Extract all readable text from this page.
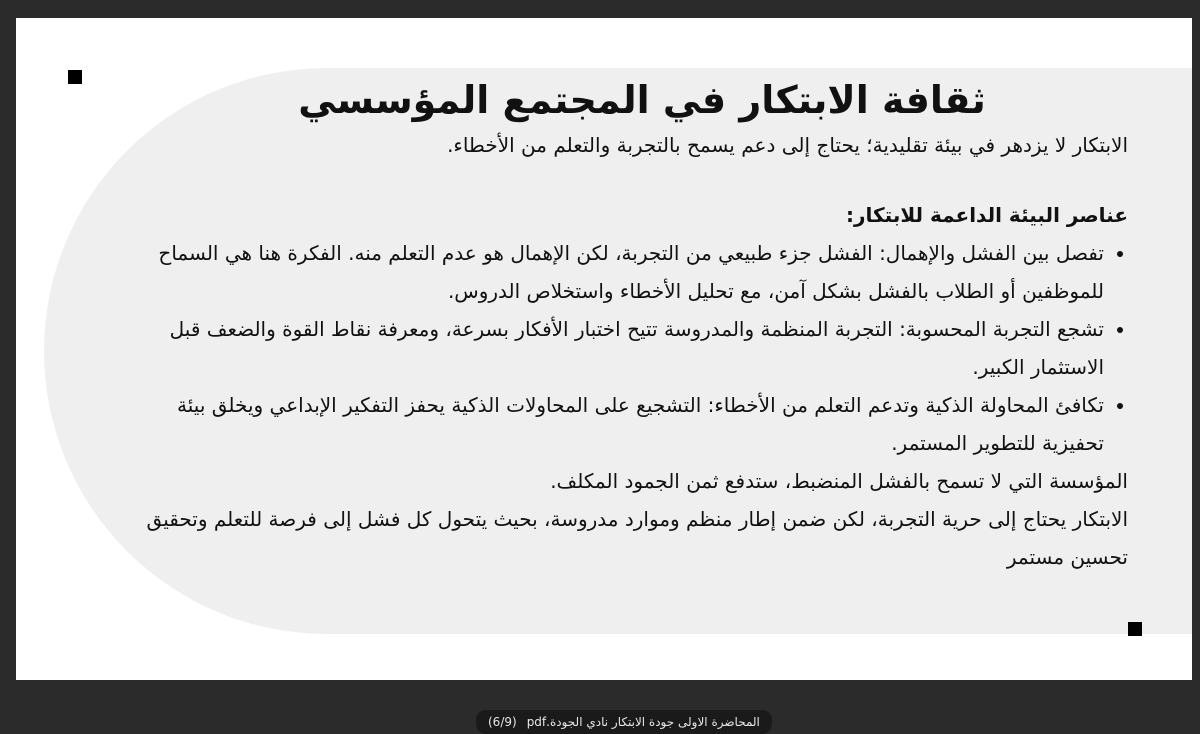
ثقافة الابتكار في المجتمع المؤسسي

الابتكار لا يزدهر في بيئة تقليدية؛ يحتاج إلى دعم يسمح بالتجربة والتعلم من الأخطاء.

عناصر البيئة الداعمة للابتكار:

• تفصل بين الفشل والإهمال: الفشل جزء طبيعي من التجربة، لكن الإهمال هو عدم التعلم منه. الفكرة هنا هي السماح للموظفين أو الطلاب بالفشل بشكل آمن، مع تحليل الأخطاء واستخلاص الدروس.
• تشجع التجربة المحسوبة: التجربة المنظمة والمدروسة تتيح اختبار الأفكار بسرعة، ومعرفة نقاط القوة والضعف قبل الاستثمار الكبير.
• تكافئ المحاولة الذكية وتدعم التعلم من الأخطاء: التشجيع على المحاولات الذكية يحفز التفكير الإبداعي ويخلق بيئة تحفيزية للتطوير المستمر.

المؤسسة التي لا تسمح بالفشل المنضبط، ستدفع ثمن الجمود المكلف.

الابتكار يحتاج إلى حرية التجربة، لكن ضمن إطار منظم وموارد مدروسة، بحيث يتحول كل فشل إلى فرصة للتعلم وتحقيق تحسين مستمر

(6/9) المحاضرة الاولى جودة الابتكار نادي الجودة.pdf
